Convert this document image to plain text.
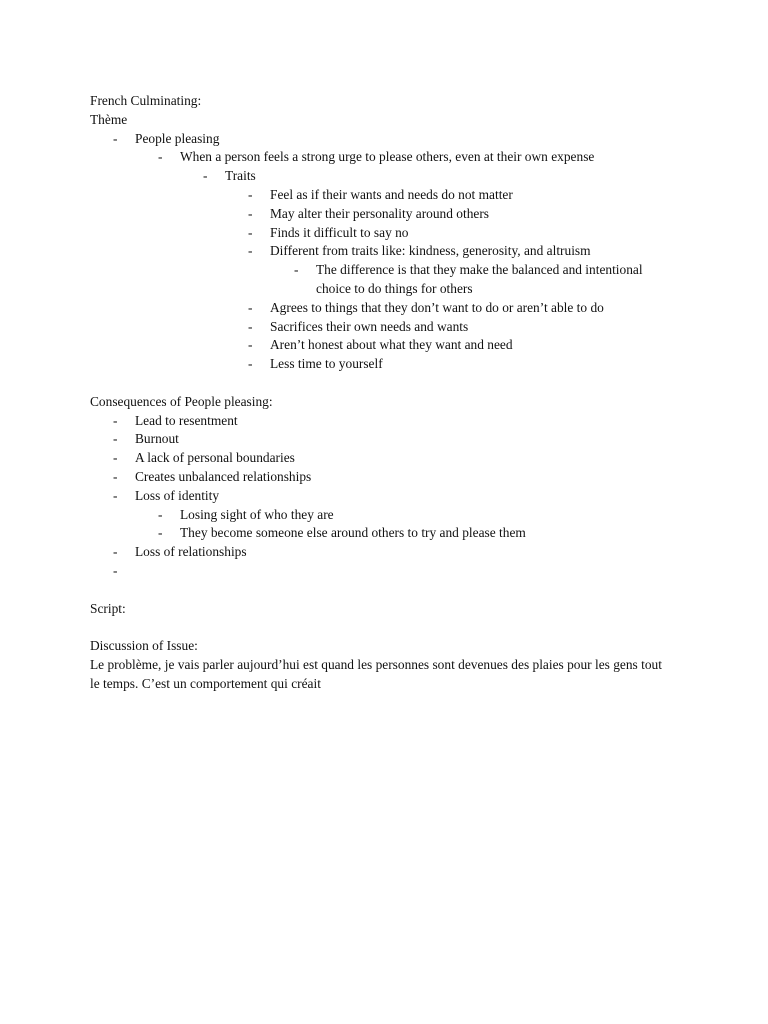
French Culminating:
Thème
- People pleasing
- When a person feels a strong urge to please others, even at their own expense
- Traits
- Feel as if their wants and needs do not matter
- May alter their personality around others
- Finds it difficult to say no
- Different from traits like: kindness, generosity, and altruism
- The difference is that they make the balanced and intentional choice to do things for others
- Agrees to things that they don’t want to do or aren’t able to do
- Sacrifices their own needs and wants
- Aren’t honest about what they want and need
- Less time to yourself
Consequences of People pleasing:
- Lead to resentment
- Burnout
- A lack of personal boundaries
- Creates unbalanced relationships
- Loss of identity
- Losing sight of who they are
- They become someone else around others to try and please them
- Loss of relationships
-
Script:
Discussion of Issue:
Le problème, je vais parler aujourd’hui est quand les personnes sont devenues des plaies pour les gens tout le temps. C’est un comportement qui créait
